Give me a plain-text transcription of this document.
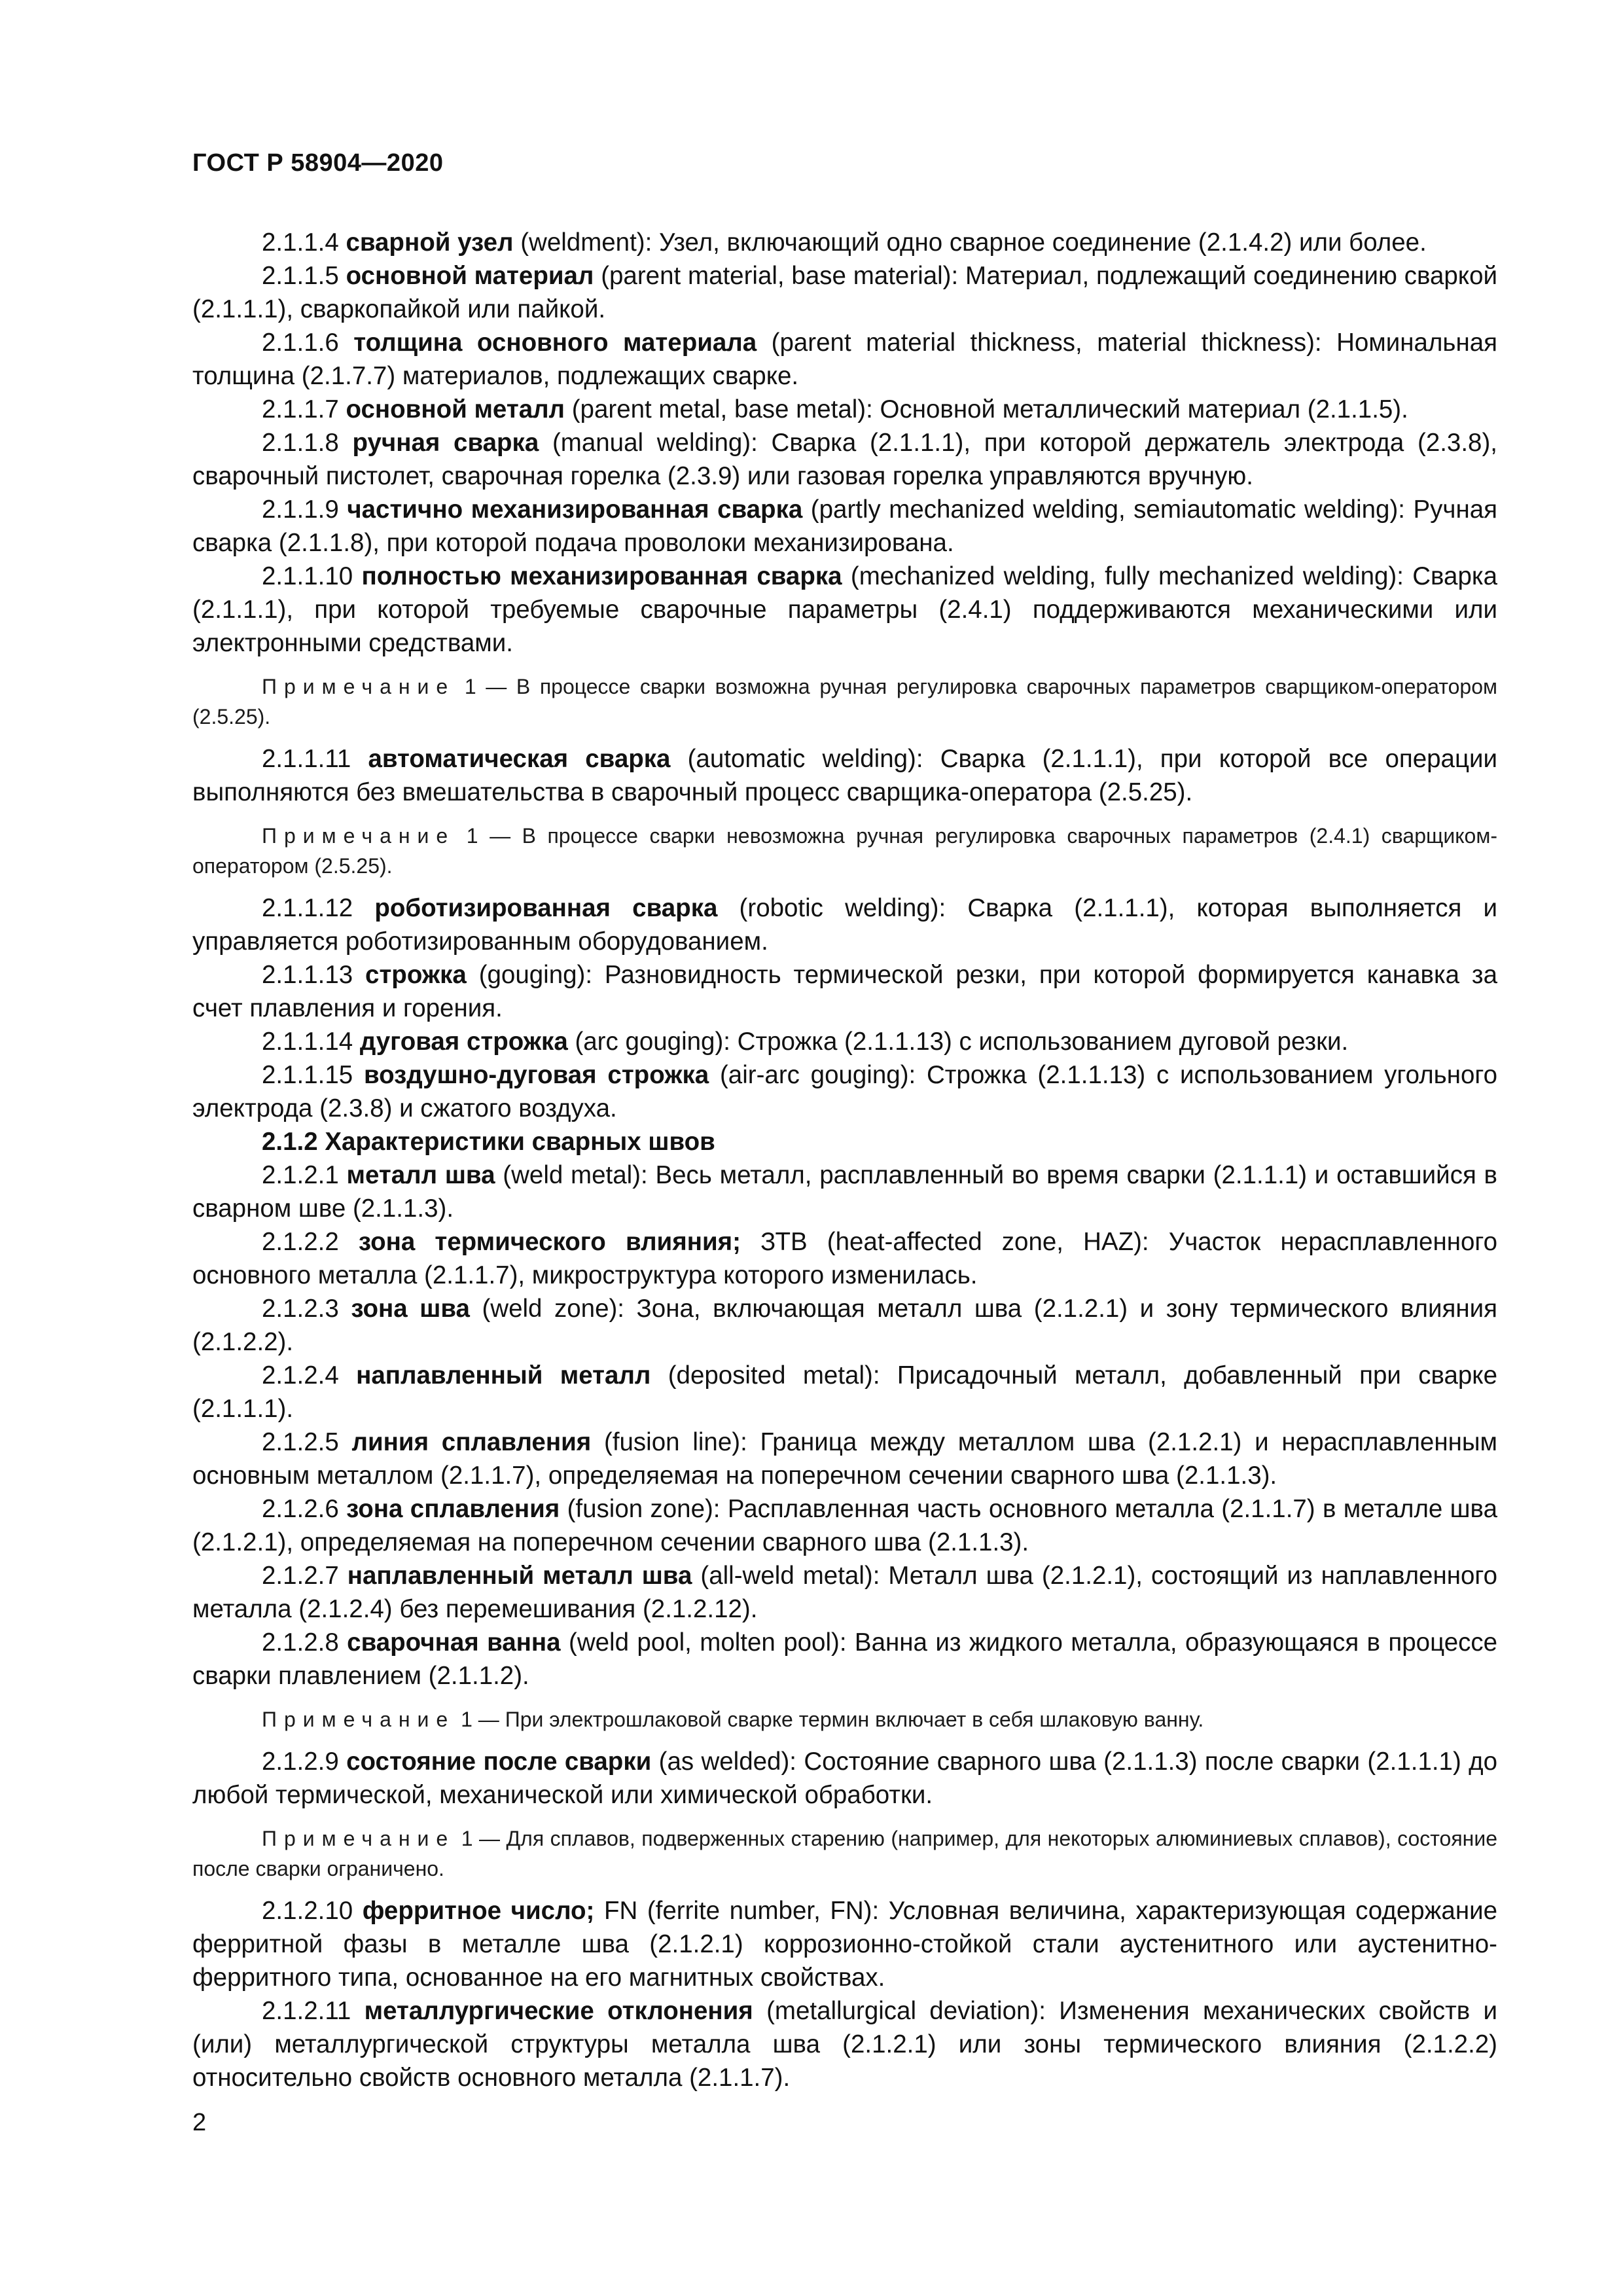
ГОСТ Р 58904—2020

2.1.1.4 сварной узел (weldment): Узел, включающий одно сварное соединение (2.1.4.2) или более.

2.1.1.5 основной материал (parent material, base material): Материал, подлежащий соединению сваркой (2.1.1.1), сваркопайкой или пайкой.

2.1.1.6 толщина основного материала (parent material thickness, material thickness): Номинальная толщина (2.1.7.7) материалов, подлежащих сварке.

2.1.1.7 основной металл (parent metal, base metal): Основной металлический материал (2.1.1.5).

2.1.1.8 ручная сварка (manual welding): Сварка (2.1.1.1), при которой держатель электрода (2.3.8), сварочный пистолет, сварочная горелка (2.3.9) или газовая горелка управляются вручную.

2.1.1.9 частично механизированная сварка (partly mechanized welding, semiautomatic welding): Ручная сварка (2.1.1.8), при которой подача проволоки механизирована.

2.1.1.10 полностью механизированная сварка (mechanized welding, fully mechanized welding): Сварка (2.1.1.1), при которой требуемые сварочные параметры (2.4.1) поддерживаются механическими или электронными средствами.

Примечание 1 — В процессе сварки возможна ручная регулировка сварочных параметров сварщиком-оператором (2.5.25).

2.1.1.11 автоматическая сварка (automatic welding): Сварка (2.1.1.1), при которой все операции выполняются без вмешательства в сварочный процесс сварщика-оператора (2.5.25).

Примечание 1 — В процессе сварки невозможна ручная регулировка сварочных параметров (2.4.1) сварщиком-оператором (2.5.25).

2.1.1.12 роботизированная сварка (robotic welding): Сварка (2.1.1.1), которая выполняется и управляется роботизированным оборудованием.

2.1.1.13 строжка (gouging): Разновидность термической резки, при которой формируется канавка за счет плавления и горения.

2.1.1.14 дуговая строжка (arc gouging): Строжка (2.1.1.13) с использованием дуговой резки.

2.1.1.15 воздушно-дуговая строжка (air-arc gouging): Строжка (2.1.1.13) с использованием угольного электрода (2.3.8) и сжатого воздуха.

2.1.2 Характеристики сварных швов

2.1.2.1 металл шва (weld metal): Весь металл, расплавленный во время сварки (2.1.1.1) и оставшийся в сварном шве (2.1.1.3).

2.1.2.2 зона термического влияния; ЗТВ (heat-affected zone, HAZ): Участок нерасплавленного основного металла (2.1.1.7), микроструктура которого изменилась.

2.1.2.3 зона шва (weld zone): Зона, включающая металл шва (2.1.2.1) и зону термического влияния (2.1.2.2).

2.1.2.4 наплавленный металл (deposited metal): Присадочный металл, добавленный при сварке (2.1.1.1).

2.1.2.5 линия сплавления (fusion line): Граница между металлом шва (2.1.2.1) и нерасплавленным основным металлом (2.1.1.7), определяемая на поперечном сечении сварного шва (2.1.1.3).

2.1.2.6 зона сплавления (fusion zone): Расплавленная часть основного металла (2.1.1.7) в металле шва (2.1.2.1), определяемая на поперечном сечении сварного шва (2.1.1.3).

2.1.2.7 наплавленный металл шва (all-weld metal): Металл шва (2.1.2.1), состоящий из наплавленного металла (2.1.2.4) без перемешивания (2.1.2.12).

2.1.2.8 сварочная ванна (weld pool, molten pool): Ванна из жидкого металла, образующаяся в процессе сварки плавлением (2.1.1.2).

Примечание 1 — При электрошлаковой сварке термин включает в себя шлаковую ванну.

2.1.2.9 состояние после сварки (as welded): Состояние сварного шва (2.1.1.3) после сварки (2.1.1.1) до любой термической, механической или химической обработки.

Примечание 1 — Для сплавов, подверженных старению (например, для некоторых алюминиевых сплавов), состояние после сварки ограничено.

2.1.2.10 ферритное число; FN (ferrite number, FN): Условная величина, характеризующая содержание ферритной фазы в металле шва (2.1.2.1) коррозионно-стойкой стали аустенитного или аустенитно-ферритного типа, основанное на его магнитных свойствах.

2.1.2.11 металлургические отклонения (metallurgical deviation): Изменения механических свойств и (или) металлургической структуры металла шва (2.1.2.1) или зоны термического влияния (2.1.2.2) относительно свойств основного металла (2.1.1.7).

2
